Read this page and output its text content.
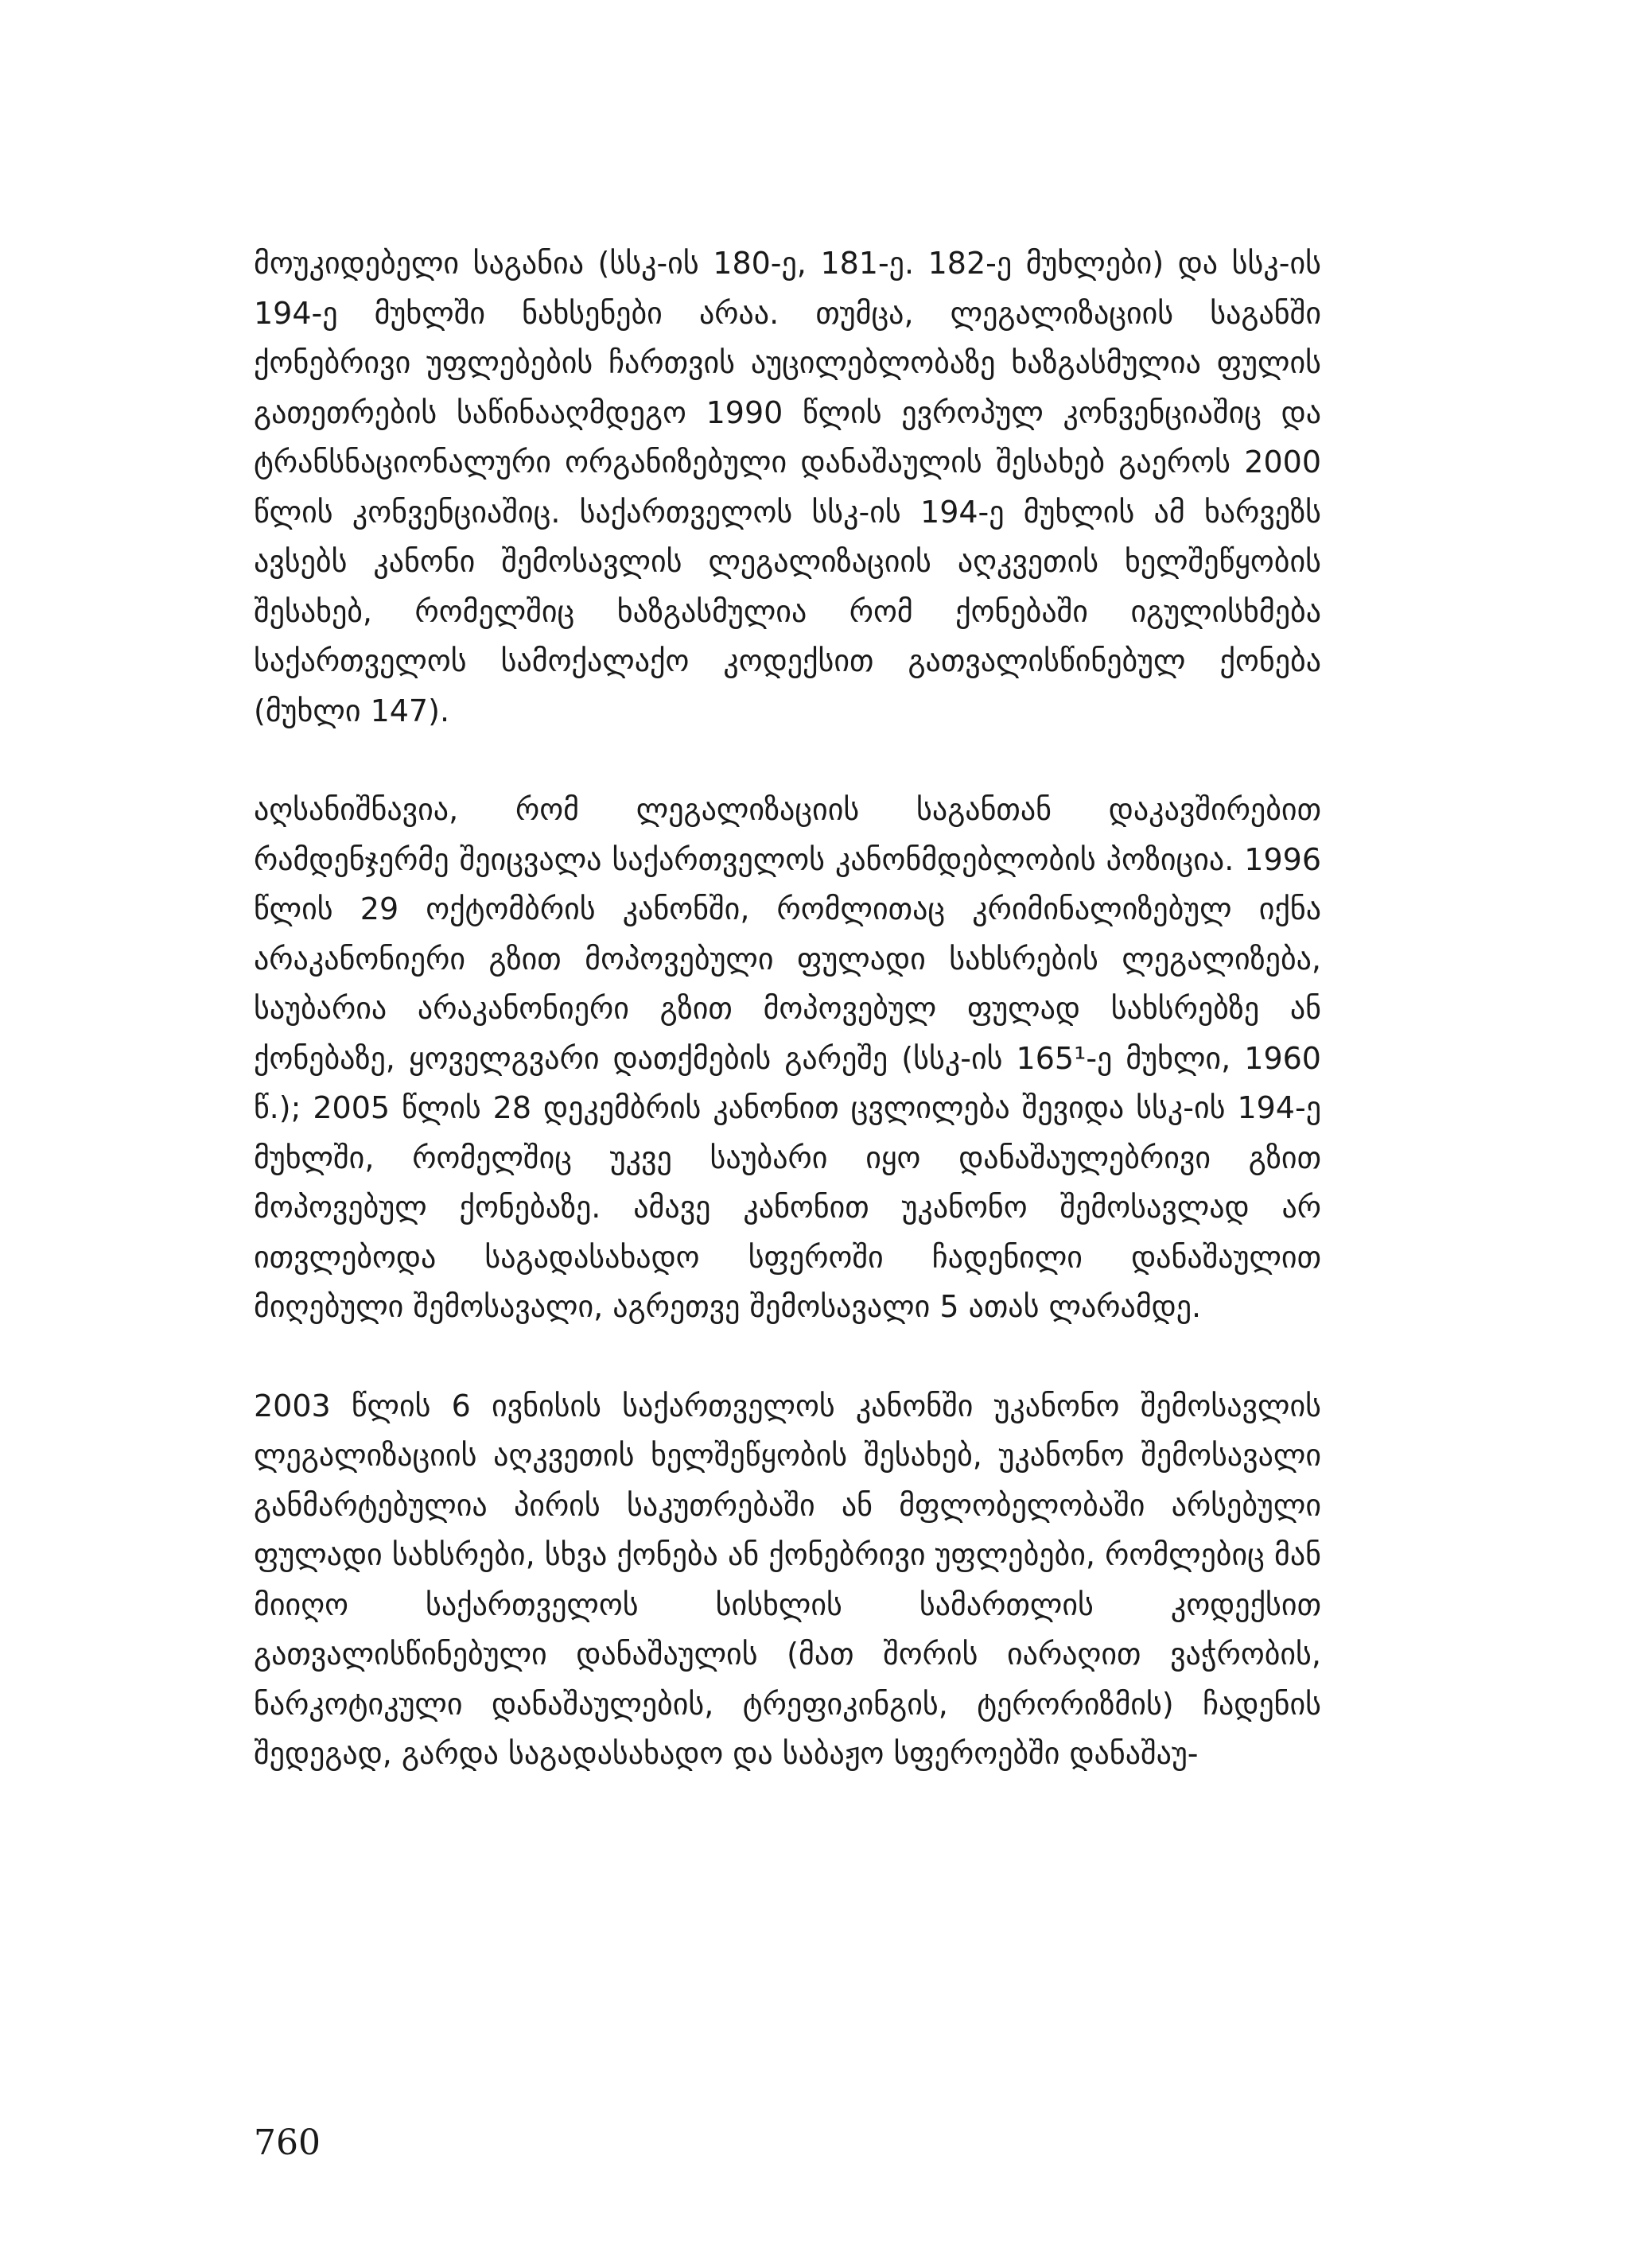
მოუკიდებელი საგანია (სსკ-ის 180-ე, 181-ე. 182-ე მუხლები) და სსკ-ის 194-ე მუხლში ნახსენები არაა. თუმცა, ლეგალიზაციის საგანში ქონებრივი უფლებების ჩართვის აუცილებლობაზე ხაზგასმულია ფულის გათეთრების საწინააღმდეგო 1990 წლის ევროპულ კონვენციაშიც და ტრანსნაციონალური ორგანიზებული დანაშაულის შესახებ გაეროს 2000 წლის კონვენციაშიც. საქართველოს სსკ-ის 194-ე მუხლის ამ ხარვეზს ავსებს კანონი შემოსავლის ლეგალიზაციის აღკვეთის ხელშეწყობის შესახებ, რომელშიც ხაზგასმულია რომ ქონებაში იგულისხმება საქართველოს სამოქალაქო კოდექსით გათვალისწინებულ ქონება (მუხლი 147).

აღსანიშნავია, რომ ლეგალიზაციის საგანთან დაკავშირებით რამდენჯერმე შეიცვალა საქართველოს კანონმდებლობის პოზიცია. 1996 წლის 29 ოქტომბრის კანონში, რომლითაც კრიმინალიზებულ იქნა არაკანონიერი გზით მოპოვებული ფულადი სახსრების ლეგალიზება, საუბარია არაკანონიერი გზით მოპოვებულ ფულად სახსრებზე ან ქონებაზე, ყოველგვარი დათქმების გარეშე (სსკ-ის 165¹-ე მუხლი, 1960 წ.); 2005 წლის 28 დეკემბრის კანონით ცვლილება შევიდა სსკ-ის 194-ე მუხლში, რომელშიც უკვე საუბარი იყო დანაშაულებრივი გზით მოპოვებულ ქონებაზე. ამავე კანონით უკანონო შემოსავლად არ ითვლებოდა საგადასახადო სფეროში ჩადენილი დანაშაულით მიღებული შემოსავალი, აგრეთვე შემოსავალი 5 ათას ლარამდე.

2003 წლის 6 ივნისის საქართველოს კანონში უკანონო შემოსავლის ლეგალიზაციის აღკვეთის ხელშეწყობის შესახებ, უკანონო შემოსავალი განმარტებულია პირის საკუთრებაში ან მფლობელობაში არსებული ფულადი სახსრები, სხვა ქონება ან ქონებრივი უფლებები, რომლებიც მან მიიღო საქართველოს სისხლის სამართლის კოდექსით გათვალისწინებული დანაშაულის (მათ შორის იარაღით ვაჭრობის, ნარკოტიკული დანაშაულების, ტრეფიკინგის, ტერორიზმის) ჩადენის შედეგად, გარდა საგადასახადო და საბაჟო სფეროებში დანაშაუ-

760
